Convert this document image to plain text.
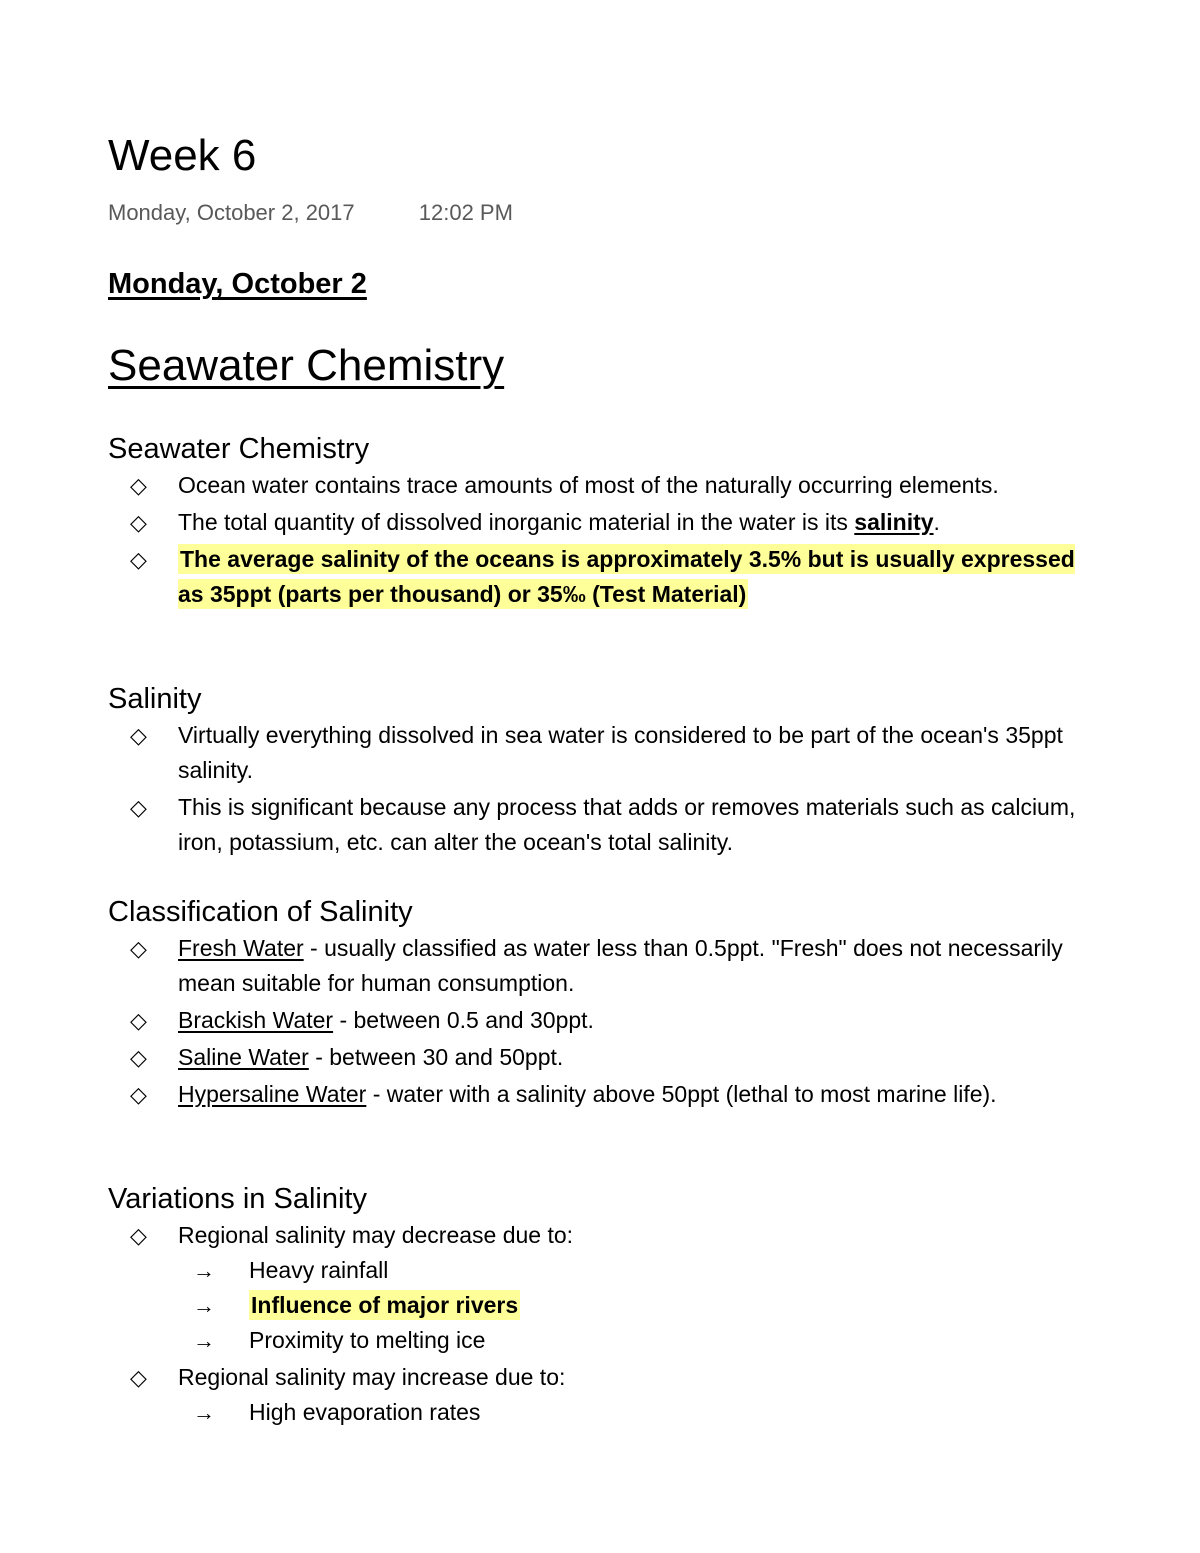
Week 6
Monday, October 2, 2017	12:02 PM
Monday, October 2
Seawater Chemistry
Seawater Chemistry
◇ Ocean water contains trace amounts of most of the naturally occurring elements.
◇ The total quantity of dissolved inorganic material in the water is its salinity.
◇ The average salinity of the oceans is approximately 3.5% but is usually expressed as 35ppt (parts per thousand) or 35‰ (Test Material)
Salinity
◇ Virtually everything dissolved in sea water is considered to be part of the ocean's 35ppt salinity.
◇ This is significant because any process that adds or removes materials such as calcium, iron, potassium, etc. can alter the ocean's total salinity.
Classification of Salinity
◇ Fresh Water - usually classified as water less than 0.5ppt. "Fresh" does not necessarily mean suitable for human consumption.
◇ Brackish Water - between 0.5 and 30ppt.
◇ Saline Water - between 30 and 50ppt.
◇ Hypersaline Water - water with a salinity above 50ppt (lethal to most marine life).
Variations in Salinity
◇ Regional salinity may decrease due to:
→ Heavy rainfall
→ Influence of major rivers
→ Proximity to melting ice
◇ Regional salinity may increase due to:
→ High evaporation rates
